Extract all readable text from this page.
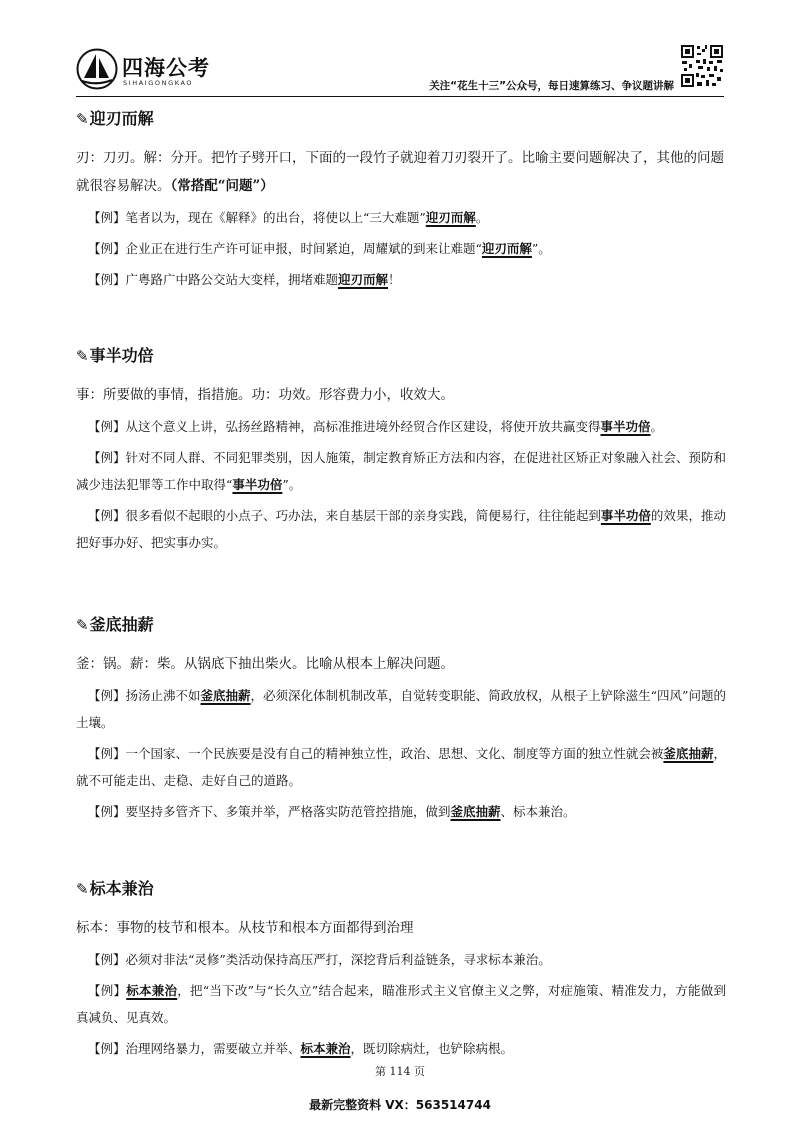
四海公考
SIHAIGONGKAO	关注“花生十三”公众号，每日速算练习、争议题讲解
✎迎刃而解

刃：刀刃。解：分开。把竹子劈开口，下面的一段竹子就迎着刀刃裂开了。比喻主要问题解决了，其他的问题就很容易解决。（常搭配“问题”）

【例】笔者以为，现在《解释》的出台，将使以上“三大难题”迎刃而解。

【例】企业正在进行生产许可证申报，时间紧迫，周耀斌的到来让难题“迎刃而解”。

【例】广粤路广中路公交站大变样，拥堵难题迎刃而解！

✎事半功倍

事：所要做的事情，指措施。功：功效。形容费力小，收效大。

【例】从这个意义上讲，弘扬丝路精神，高标准推进境外经贸合作区建设，将使开放共赢变得事半功倍。

【例】针对不同人群、不同犯罪类别，因人施策，制定教育矫正方法和内容，在促进社区矫正对象融入社会、预防和减少违法犯罪等工作中取得“事半功倍”。

【例】很多看似不起眼的小点子、巧办法，来自基层干部的亲身实践，简便易行，往往能起到事半功倍的效果，推动把好事办好、把实事办实。

✎釜底抽薪

釜：锅。薪：柴。从锅底下抽出柴火。比喻从根本上解决问题。

【例】扬汤止沸不如釜底抽薪，必须深化体制机制改革，自觉转变职能、简政放权，从根子上铲除滋生“四风”问题的土壤。

【例】一个国家、一个民族要是没有自己的精神独立性，政治、思想、文化、制度等方面的独立性就会被釜底抽薪，就不可能走出、走稳、走好自己的道路。

【例】要坚持多管齐下、多策并举，严格落实防范管控措施，做到釜底抽薪、标本兼治。

✎标本兼治

标本：事物的枝节和根本。从枝节和根本方面都得到治理

【例】必须对非法“灵修”类活动保持高压严打，深挖背后利益链条，寻求标本兼治。

【例】标本兼治，把“当下改”与“长久立”结合起来，瞄准形式主义官僚主义之弊，对症施策、精准发力，方能做到真减负、见真效。

【例】治理网络暴力，需要破立并举、标本兼治，既切除病灶，也铲除病根。

第 114 页
最新完整资料 VX：563514744
